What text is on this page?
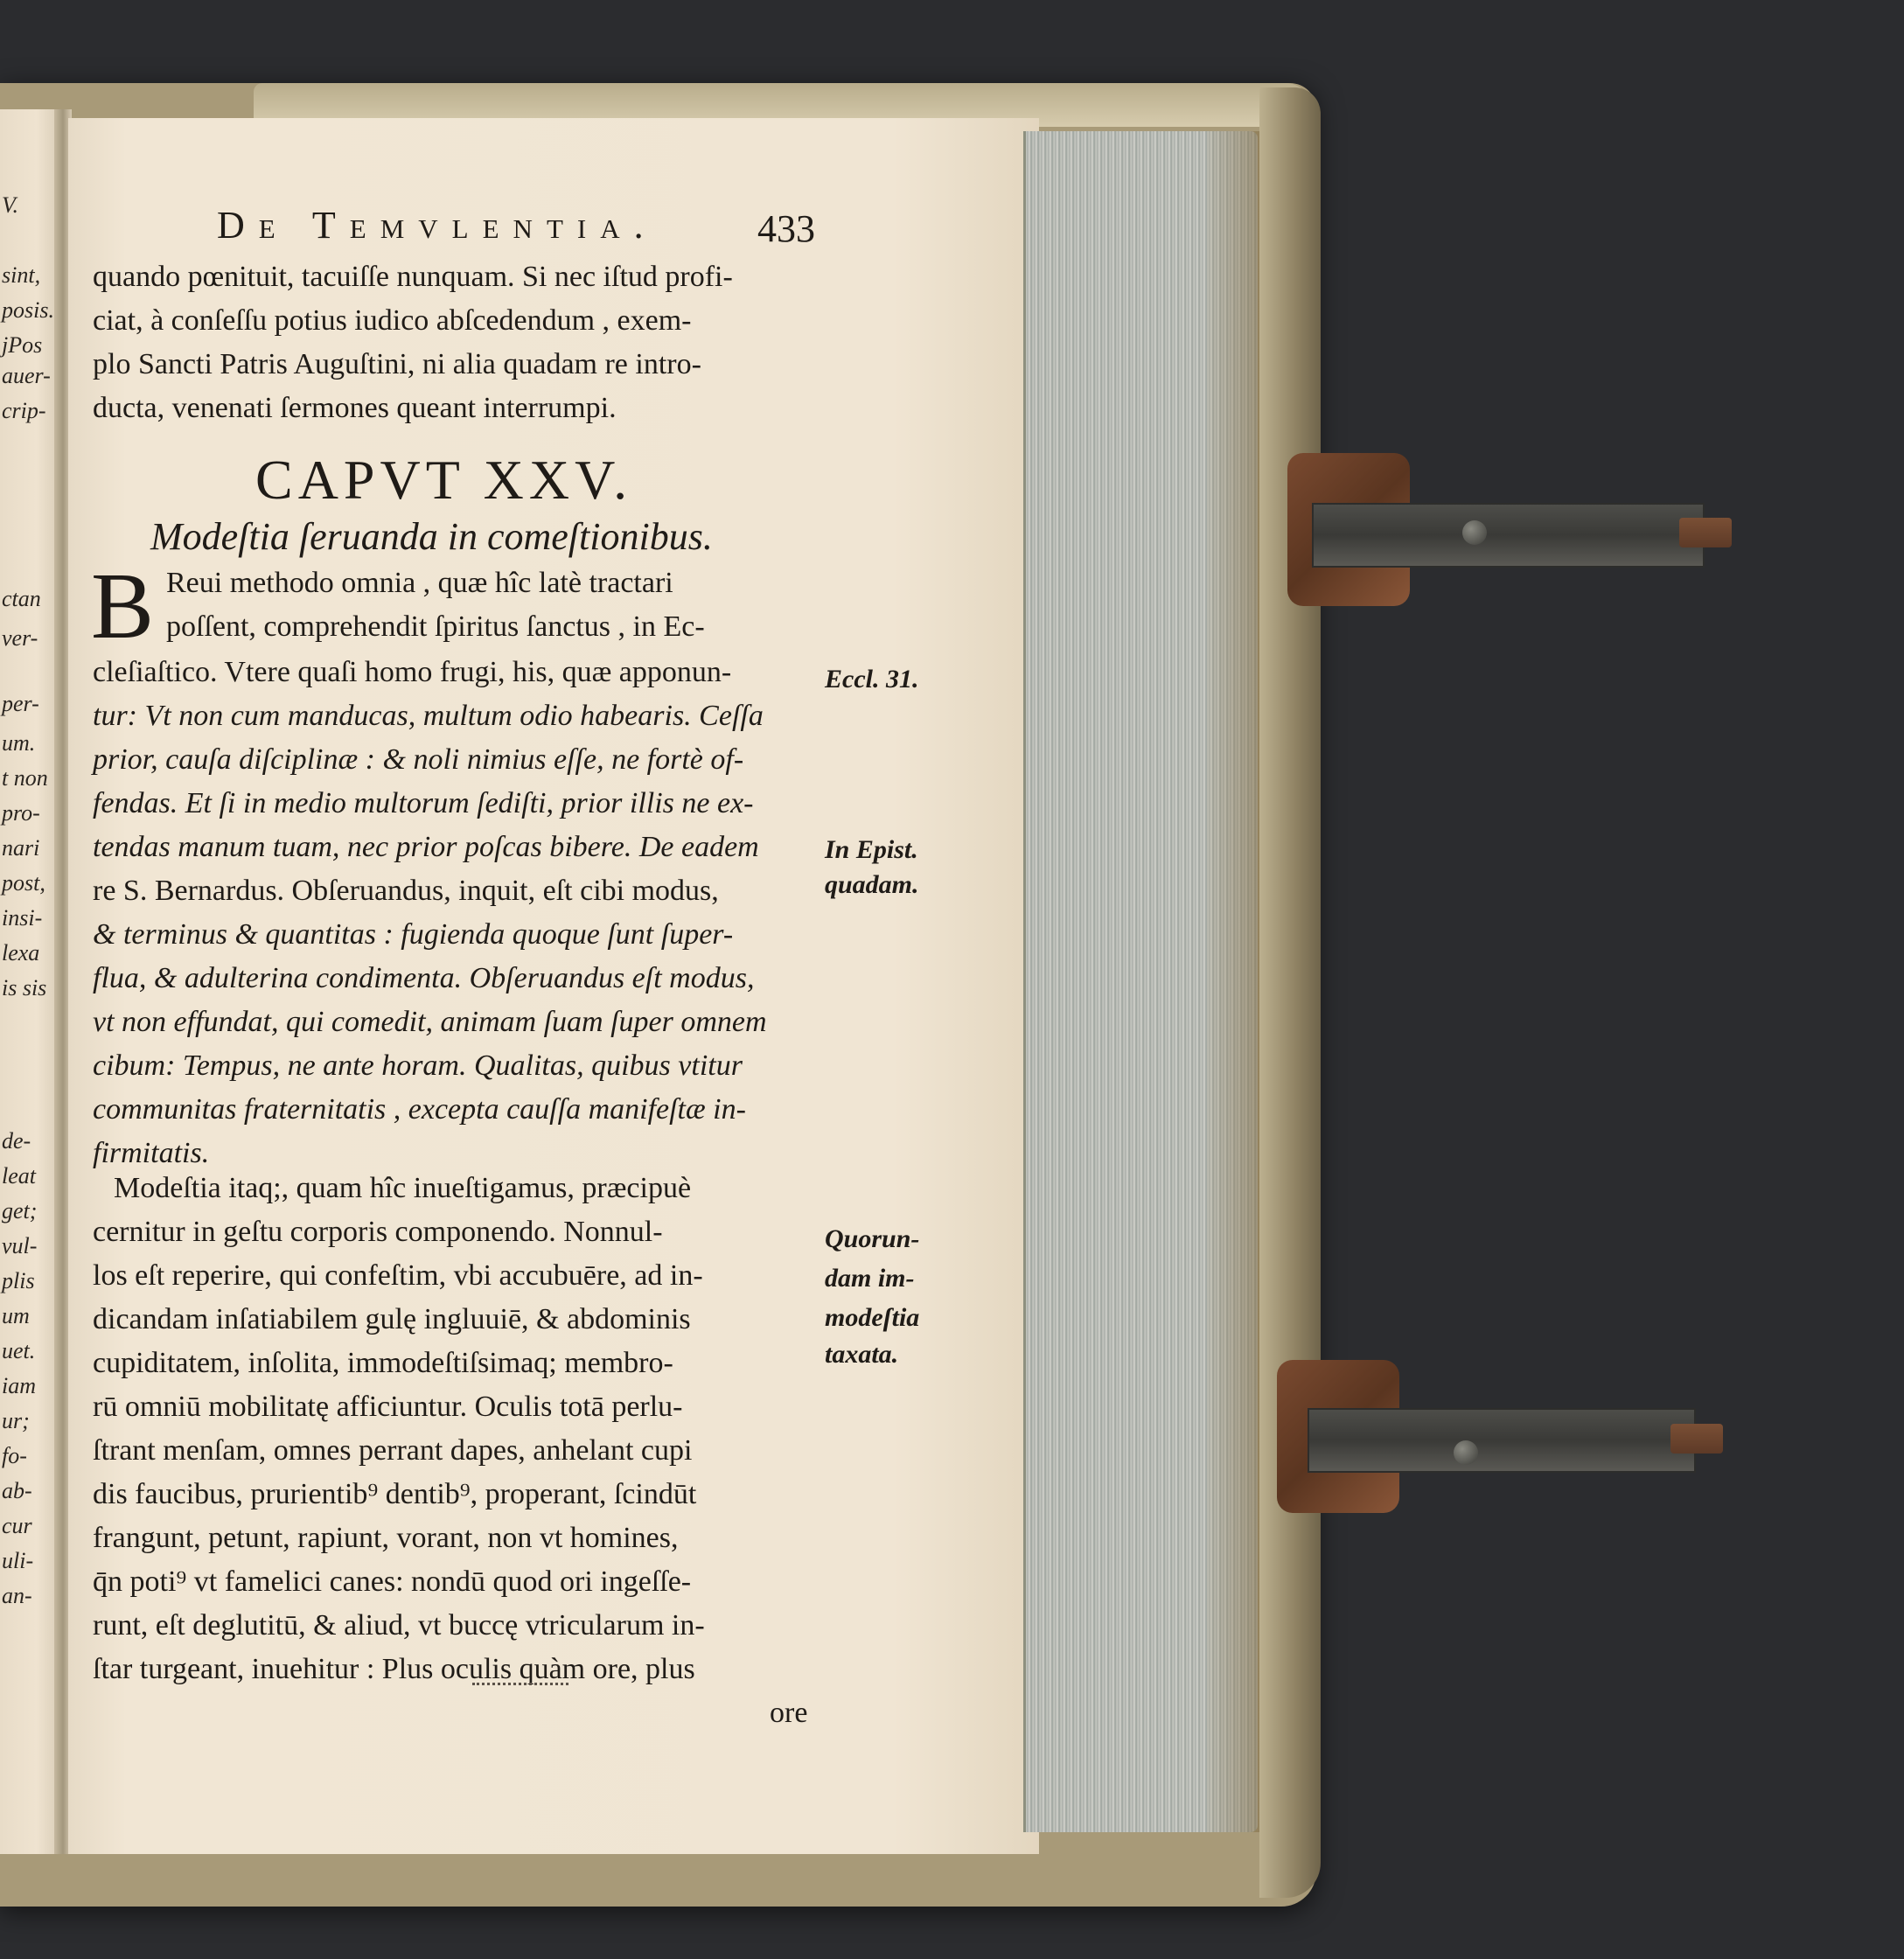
V.
sint,
posis.
jPos
auer-
crip-
ctan
ver-
per-
um.
t non
pro-
nari
post,
insi-
lexa
is sis
de-
leat
get;
vul-
plis
um
uet.
iam
ur;
fo-
ab-
cur
uli-
an-
De Temvlentia.	433
quando pœnituit, tacuiſſe nunquam. Si nec iſtud profi-
ciat, à conſeſſu potius iudico abſcedendum , exem-
plo Sancti Patris Auguſtini, ni alia quadam re intro-
ducta, venenati ſermones queant interrumpi.
CAPVT XXV.
Modeſtia ſeruanda in comeſtionibus.
B Reui methodo omnia , quæ hîc latè tractari
poſſent, comprehendit ſpiritus ſanctus , in Ec-
cleſiaſtico. Vtere quaſi homo frugi, his, quæ apponun-
tur: Vt non cum manducas, multum odio habearis. Ceſſa
prior, cauſa diſciplinæ : & noli nimius eſſe, ne fortè of-
fendas. Et ſi in medio multorum ſediſti, prior illis ne ex-
tendas manum tuam, nec prior poſcas bibere. De eadem
re S. Bernardus. Obſeruandus, inquit, eſt cibi modus,
& terminus & quantitas : fugienda quoque ſunt ſuper-
flua, & adulterina condimenta. Obſeruandus eſt modus,
vt non effundat, qui comedit, animam ſuam ſuper omnem
cibum: Tempus, ne ante horam. Qualitas, quibus vtitur
communitas fraternitatis , excepta cauſſa manifeſtæ in-
firmitatis.
Modeſtia itaq;, quam hîc inueſtigamus, præcipuè
cernitur in geſtu corporis componendo. Nonnul-
los eſt reperire, qui confeſtim, vbi accubuēre, ad in-
dicandam inſatiabilem gulę ingluuiē, & abdominis
cupiditatem, inſolita, immodeſtiſsimaq; membro-
rū omniū mobilitatę afficiuntur. Oculis totā perlu-
ſtrant menſam, omnes perrant dapes, anhelant cupi
dis faucibus, prurientib⁹ dentib⁹, properant, ſcindūt
frangunt, petunt, rapiunt, vorant, non vt homines,
q̄n poti⁹ vt famelici canes: nondū quod ori ingeſſe-
runt, eſt deglutitū, & aliud, vt buccę vtricularum in-
ſtar turgeant, inuehitur : Plus oculis quàm ore, plus
ore
Eccl. 31.
In Epist.
quadam.
Quorun-
dam im-
modeſtia
taxata.
